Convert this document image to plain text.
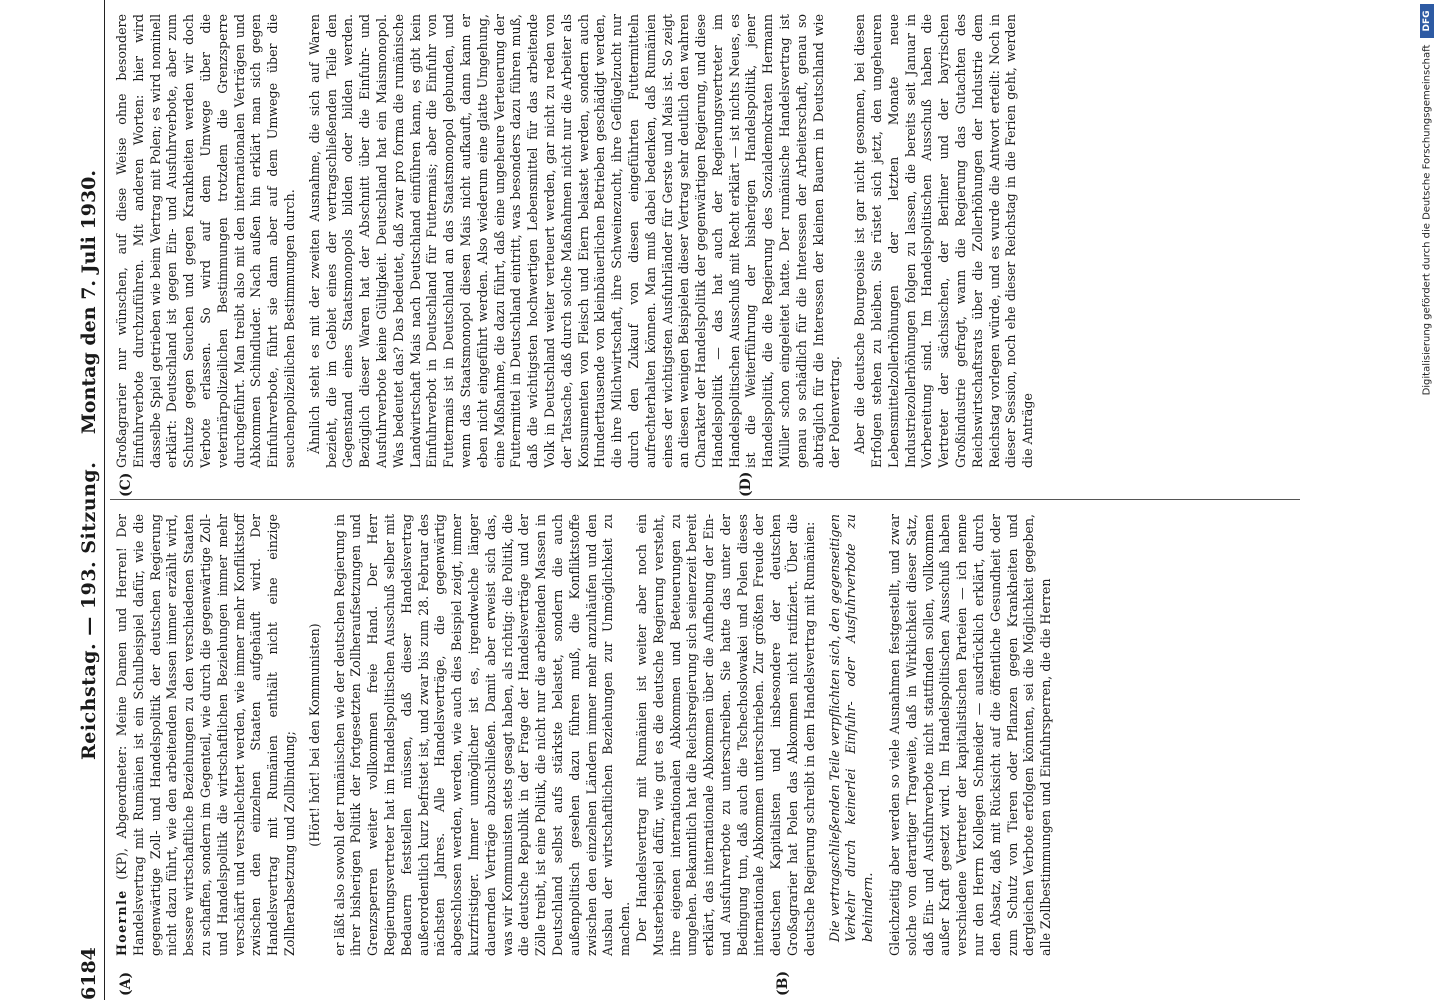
6184
Reichstag. — 193. Sitzung.
Montag den 7. Juli 1930.
(A)	(B)
(C)	(D)

Hoernle (KP), Abgeordneter: Meine Damen und Herren! Der Handelsvertrag mit Rumänien ist ein Schulbeispiel dafür, wie die gegenwärtige Zoll- und Handelspolitik der deutschen Regierung nicht dazu führt, wie den arbeitenden Massen immer erzählt wird, bessere wirtschaftliche Beziehungen zu den verschiedenen Staaten zu schaffen, sondern im Gegenteil, wie durch die gegenwärtige Zoll- und Handelspolitik die wirtschaftlichen Beziehungen immer mehr verschärft und verschlechtert werden, wie immer mehr Konfliktstoff zwischen den einzelnen Staaten aufgehäuft wird. Der Handelsvertrag mit Rumänien enthält nicht eine einzige Zollherabsetzung und Zollbindung; (Hört! hört! bei den Kommunisten) er läßt also sowohl der rumänischen wie der deutschen Regierung in ihrer bisherigen Politik der fortgesetzten Zollheraufsetzungen und Grenzsperren weiter vollkommen freie Hand. Der Herr Regierungsvertreter hat im Handelspolitischen Ausschuß selber mit Bedauern feststellen müssen, daß dieser Handelsvertrag außerordentlich kurz befristet ist, und zwar bis zum 28. Februar des nächsten Jahres. Alle Handelsverträge, die gegenwärtig abgeschlossen werden, werden, wie auch dies Beispiel zeigt, immer kurzfristiger. Immer unmöglicher ist es, irgendwelche länger dauernden Verträge abzuschließen. Damit aber erweist sich das, was wir Kommunisten stets gesagt haben, als richtig: die Politik, die die deutsche Republik in der Frage der Handelsverträge und der Zölle treibt, ist eine Politik, die nicht nur die arbeitenden Massen in Deutschland selbst aufs stärkste belastet, sondern die auch außenpolitisch gesehen dazu führen muß, die Konfliktstoffe zwischen den einzelnen Ländern immer mehr anzuhäufen und den Ausbau der wirtschaftlichen Beziehungen zur Unmöglichkeit zu machen. Der Handelsvertrag mit Rumänien ist weiter aber noch ein Musterbeispiel dafür, wie gut es die deutsche Regierung versteht, ihre eigenen internationalen Abkommen und Beteuerungen zu umgehen. Bekanntlich hat die Reichsregierung sich seinerzeit bereit erklärt, das internationale Abkommen über die Aufhebung der Ein- und Ausfuhrverbote zu unterschreiben. Sie hatte das unter der Bedingung tun, daß auch die Tschechoslowakei und Polen dieses internationale Abkommen unterschrieben. Zur größten Freude der deutschen Kapitalisten und insbesondere der deutschen Großagrarier hat Polen das Abkommen nicht ratifiziert. Über die deutsche Regierung schreibt in dem Handelsvertrag mit Rumänien: Die vertragschließenden Teile verpflichten sich, den gegenseitigen Verkehr durch keinerlei Einfuhr- oder Ausfuhrverbote zu behindern. Gleichzeitig aber werden so viele Ausnahmen festgestellt, und zwar solche von derartiger Tragweite, daß in Wirklichkeit dieser Satz, daß Ein- und Ausfuhrverbote nicht stattfinden sollen, vollkommen außer Kraft gesetzt wird. Im Handelspolitischen Ausschuß haben verschiedene Vertreter der kapitalistischen Parteien — ich nenne nur den Herrn Kollegen Schneider — ausdrücklich erklärt, durch den Absatz, daß mit Rücksicht auf die öffentliche Gesundheit oder zum Schutz von Tieren oder Pflanzen gegen Krankheiten und dergleichen Verbote erfolgen könnten, sei die Möglichkeit gegeben, alle Zollbestimmungen und Einfuhrsperren, die die Herren

Großagrarier nur wünschen, auf diese Weise ohne besondere Einfuhrverbote durchzuführen. Mit anderen Worten: hier wird dasselbe Spiel getrieben wie beim Vertrag mit Polen; es wird nominell erklärt: Deutschland ist gegen Ein- und Ausfuhrverbote, aber zum Schutze gegen Seuchen und gegen Krankheiten werden wir doch Verbote erlassen. So wird auf dem Umwege über die veterinärpolizeilichen Bestimmungen trotzdem die Grenzsperre durchgeführt. Man treibt also mit den internationalen Verträgen und Abkommen Schindluder. Nach außen hin erklärt man sich gegen Einfuhrverbote, führt sie dann aber auf dem Umwege über die seuchenpolizeilichen Bestimmungen durch. Ähnlich steht es mit der zweiten Ausnahme, die sich auf Waren bezieht, die im Gebiet eines der vertragschließenden Teile den Gegenstand eines Staatsmonopols bilden oder bilden werden. Bezüglich dieser Waren hat der Abschnitt über die Einfuhr- und Ausfuhrverbote keine Gültigkeit. Deutschland hat ein Maismonopol. Was bedeutet das? Das bedeutet, daß zwar pro forma die rumänische Landwirtschaft Mais nach Deutschland einführen kann, es gibt kein Einfuhrverbot in Deutschland für Futtermais; aber die Einfuhr von Futtermais ist in Deutschland an das Staatsmonopol gebunden, und wenn das Staatsmonopol diesen Mais nicht aufkauft, dann kann er eben nicht eingeführt werden. Also wiederum eine glatte Umgehung, eine Maßnahme, die dazu führt, daß eine ungeheure Verteuerung der Futtermittel in Deutschland eintritt, was besonders dazu führen muß, daß die wichtigsten hochwertigen Lebensmittel für das arbeitende Volk in Deutschland weiter verteuert werden, gar nicht zu reden von der Tatsache, daß durch solche Maßnahmen nicht nur die Arbeiter als Konsumenten von Fleisch und Eiern belastet werden, sondern auch Hunderttausende von kleinbäuerlichen Betrieben geschädigt werden, die ihre Milchwirtschaft, ihre Schweinezucht, ihre Geflügelzucht nur durch den Zukauf von diesen eingeführten Futtermitteln aufrechterhalten können. Man muß dabei bedenken, daß Rumänien eines der wichtigsten Ausfuhrländer für Gerste und Mais ist. So zeigt an diesen wenigen Beispielen dieser Vertrag sehr deutlich den wahren Charakter der Handelspolitik der gegenwärtigen Regierung, und diese Handelspolitik — das hat auch der Regierungsvertreter im Handelspolitischen Ausschuß mit Recht erklärt — ist nichts Neues, es ist die Weiterführung der bisherigen Handelspolitik, jener Handelspolitik, die die Regierung des Sozialdemokraten Hermann Müller schon eingeleitet hatte. Der rumänische Handelsvertrag ist genau so schädlich für die Interessen der Arbeiterschaft, genau so abträglich für die Interessen der kleinen Bauern in Deutschland wie der Polenvertrag. Aber die deutsche Bourgeoisie ist gar nicht gesonnen, bei diesen Erfolgen stehen zu bleiben. Sie rüstet sich jetzt, den ungeheuren Lebensmittelzollerhöhungen der letzten Monate neue Industriezollerhöhungen folgen zu lassen, die bereits seit Januar in Vorbereitung sind. Im Handelspolitischen Ausschuß haben die Vertreter der sächsischen, der Berliner und der bayrischen Großindustrie gefragt, wann die Regierung das Gutachten des Reichswirtschaftsrats über die Zollerhöhungen der Industrie dem Reichstag vorlegen würde, und es wurde die Antwort erteilt: Noch in dieser Session, noch ehe dieser Reichstag in die Ferien geht, werden die Anträge

DFG
Digitalisierung gefördert durch die Deutsche Forschungsgemeinschaft
